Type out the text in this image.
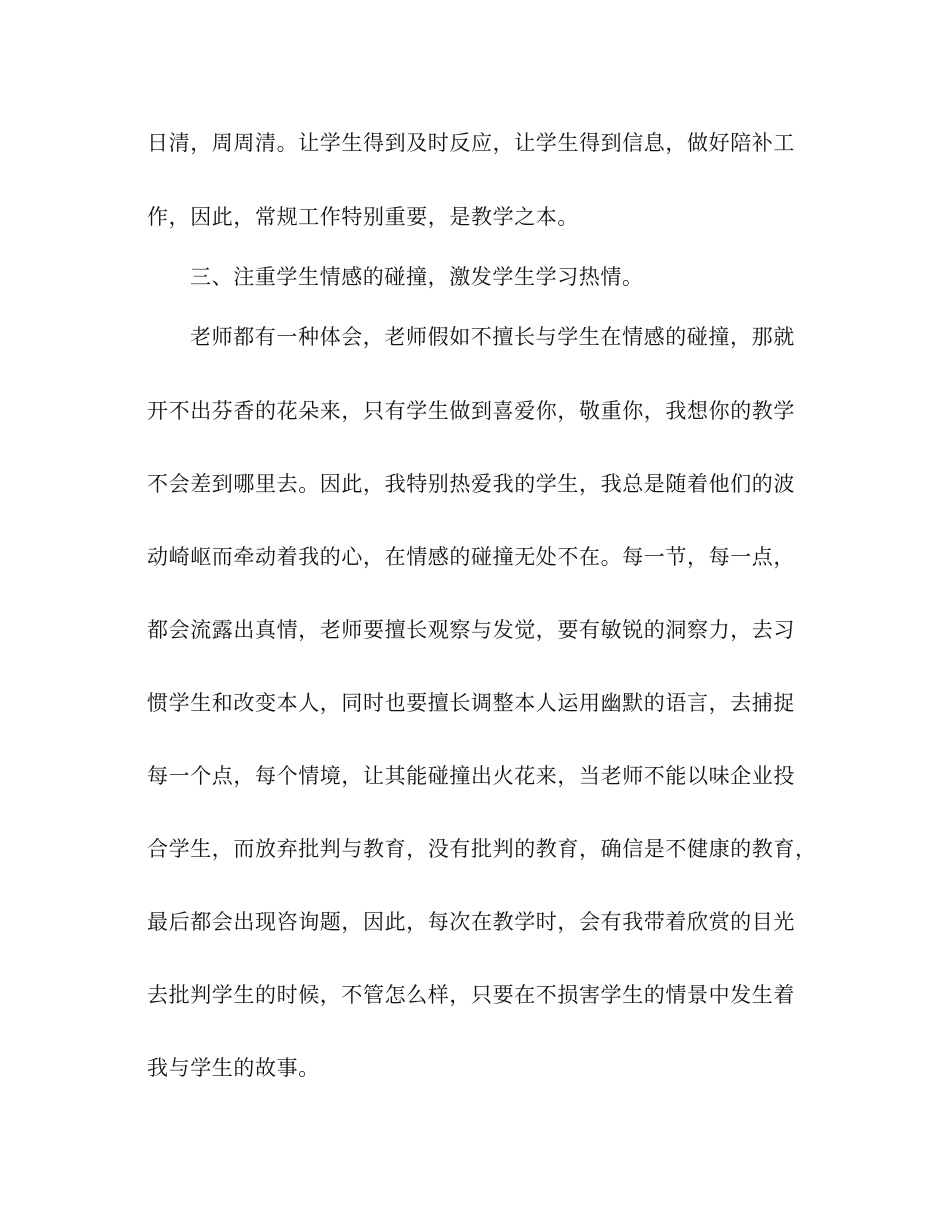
日清，周周清。让学生得到及时反应，让学生得到信息，做好陪补工
作，因此，常规工作特别重要，是教学之本。
三、注重学生情感的碰撞，激发学生学习热情。
老师都有一种体会，老师假如不擅长与学生在情感的碰撞，那就
开不出芬香的花朵来，只有学生做到喜爱你，敬重你，我想你的教学
不会差到哪里去。因此，我特别热爱我的学生，我总是随着他们的波
动崎岖而牵动着我的心，在情感的碰撞无处不在。每一节，每一点，
都会流露出真情，老师要擅长观察与发觉，要有敏锐的洞察力，去习
惯学生和改变本人，同时也要擅长调整本人运用幽默的语言，去捕捉
每一个点，每个情境，让其能碰撞出火花来，当老师不能以味企业投
合学生，而放弃批判与教育，没有批判的教育，确信是不健康的教育，
最后都会出现咨询题，因此，每次在教学时，会有我带着欣赏的目光
去批判学生的时候，不管怎么样，只要在不损害学生的情景中发生着
我与学生的故事。
